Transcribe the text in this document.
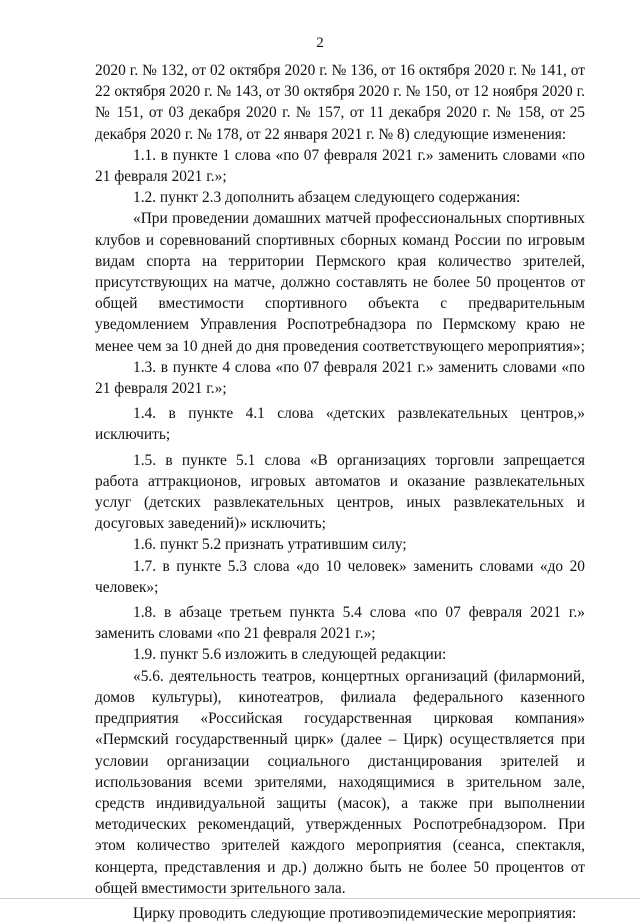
2

2020 г. № 132, от 02 октября 2020 г. № 136, от 16 октября 2020 г. № 141, от 22 октября 2020 г. № 143, от 30 октября 2020 г. № 150, от 12 ноября 2020 г. № 151, от 03 декабря 2020 г. № 157, от 11 декабря 2020 г. № 158, от 25 декабря 2020 г. № 178, от 22 января 2021 г. № 8) следующие изменения:

1.1. в пункте 1 слова «по 07 февраля 2021 г.» заменить словами «по 21 февраля 2021 г.»;

1.2. пункт 2.3 дополнить абзацем следующего содержания:

«При проведении домашних матчей профессиональных спортивных клубов и соревнований спортивных сборных команд России по игровым видам спорта на территории Пермского края количество зрителей, присутствующих на матче, должно составлять не более 50 процентов от общей вместимости спортивного объекта с предварительным уведомлением Управления Роспотребнадзора по Пермскому краю не менее чем за 10 дней до дня проведения соответствующего мероприятия»;

1.3. в пункте 4 слова «по 07 февраля 2021 г.» заменить словами «по 21 февраля 2021 г.»;

1.4. в пункте 4.1 слова «детских развлекательных центров,» исключить;

1.5. в пункте 5.1 слова «В организациях торговли запрещается работа аттракционов, игровых автоматов и оказание развлекательных услуг (детских развлекательных центров, иных развлекательных и досуговых заведений)» исключить;

1.6. пункт 5.2 признать утратившим силу;

1.7. в пункте 5.3 слова «до 10 человек» заменить словами «до 20 человек»;

1.8. в абзаце третьем пункта 5.4 слова «по 07 февраля 2021 г.» заменить словами «по 21 февраля 2021 г.»;

1.9. пункт 5.6 изложить в следующей редакции:

«5.6. деятельность театров, концертных организаций (филармоний, домов культуры), кинотеатров, филиала федерального казенного предприятия «Российская государственная цирковая компания» «Пермский государственный цирк» (далее – Цирк) осуществляется при условии организации социального дистанцирования зрителей и использования всеми зрителями, находящимися в зрительном зале, средств индивидуальной защиты (масок), а также при выполнении методических рекомендаций, утвержденных Роспотребнадзором. При этом количество зрителей каждого мероприятия (сеанса, спектакля, концерта, представления и др.) должно быть не более 50 процентов от общей вместимости зрительного зала.

Цирку проводить следующие противоэпидемические мероприятия:
